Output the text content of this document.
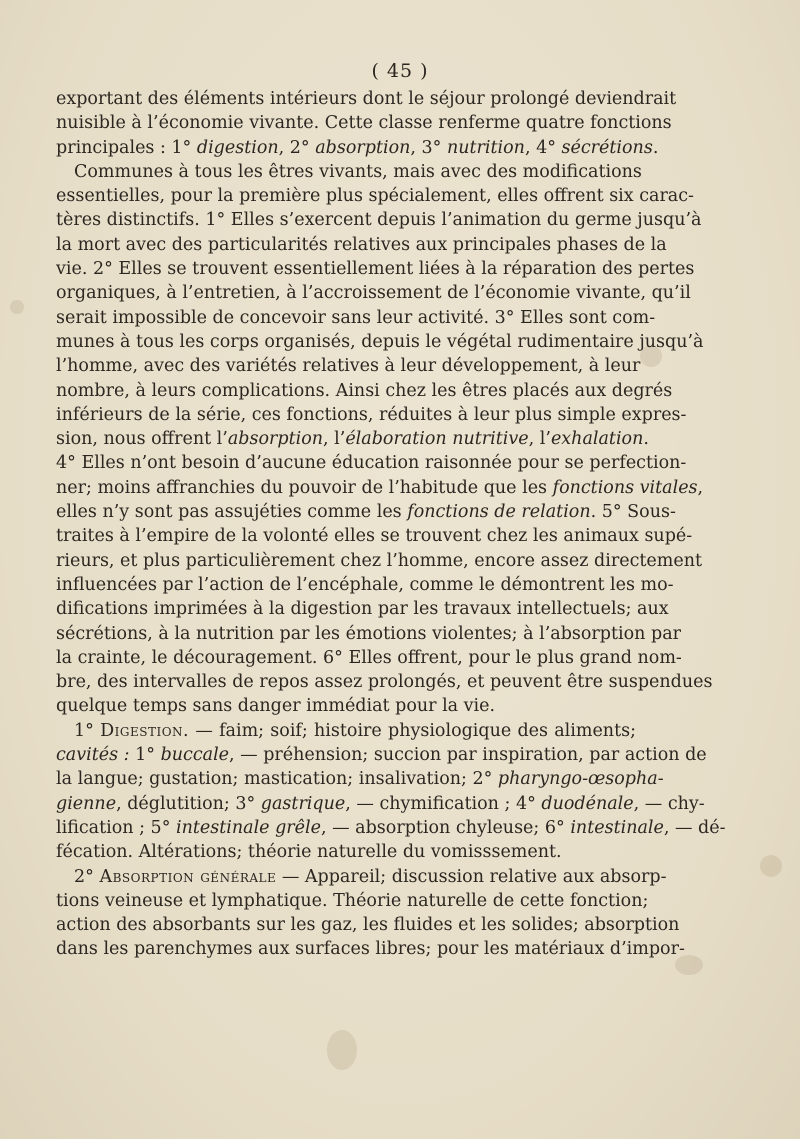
( 45 )
exportant des éléments intérieurs dont le séjour prolongé deviendrait
nuisible à l’économie vivante. Cette classe renferme quatre fonctions
principales : 1° digestion, 2° absorption, 3° nutrition, 4° sécrétions.
Communes à tous les êtres vivants, mais avec des modifications
essentielles, pour la première plus spécialement, elles offrent six carac-
tères distinctifs. 1° Elles s’exercent depuis l’animation du germe jusqu’à
la mort avec des particularités relatives aux principales phases de la
vie. 2° Elles se trouvent essentiellement liées à la réparation des pertes
organiques, à l’entretien, à l’accroissement de l’économie vivante, qu’il
serait impossible de concevoir sans leur activité. 3° Elles sont com-
munes à tous les corps organisés, depuis le végétal rudimentaire jusqu’à
l’homme, avec des variétés relatives à leur développement, à leur
nombre, à leurs complications. Ainsi chez les êtres placés aux degrés
inférieurs de la série, ces fonctions, réduites à leur plus simple expres-
sion, nous offrent l’absorption, l’élaboration nutritive, l’exhalation.
4° Elles n’ont besoin d’aucune éducation raisonnée pour se perfection-
ner; moins affranchies du pouvoir de l’habitude que les fonctions vitales,
elles n’y sont pas assujéties comme les fonctions de relation. 5° Sous-
traites à l’empire de la volonté elles se trouvent chez les animaux supé-
rieurs, et plus particulièrement chez l’homme, encore assez directement
influencées par l’action de l’encéphale, comme le démontrent les mo-
difications imprimées à la digestion par les travaux intellectuels; aux
sécrétions, à la nutrition par les émotions violentes; à l’absorption par
la crainte, le découragement. 6° Elles offrent, pour le plus grand nom-
bre, des intervalles de repos assez prolongés, et peuvent être suspendues
quelque temps sans danger immédiat pour la vie.
1° Digestion. — faim; soif; histoire physiologique des aliments;
cavités : 1° buccale, — préhension; succion par inspiration, par action de
la langue; gustation; mastication; insalivation; 2° pharyngo-œsopha-
gienne, déglutition; 3° gastrique, — chymification ; 4° duodénale, — chy-
lification ; 5° intestinale grêle, — absorption chyleuse; 6° intestinale, — dé-
fécation. Altérations; théorie naturelle du vomisssement.
2° Absorption générale — Appareil; discussion relative aux absorp-
tions veineuse et lymphatique. Théorie naturelle de cette fonction;
action des absorbants sur les gaz, les fluides et les solides; absorption
dans les parenchymes aux surfaces libres; pour les matériaux d’impor-
